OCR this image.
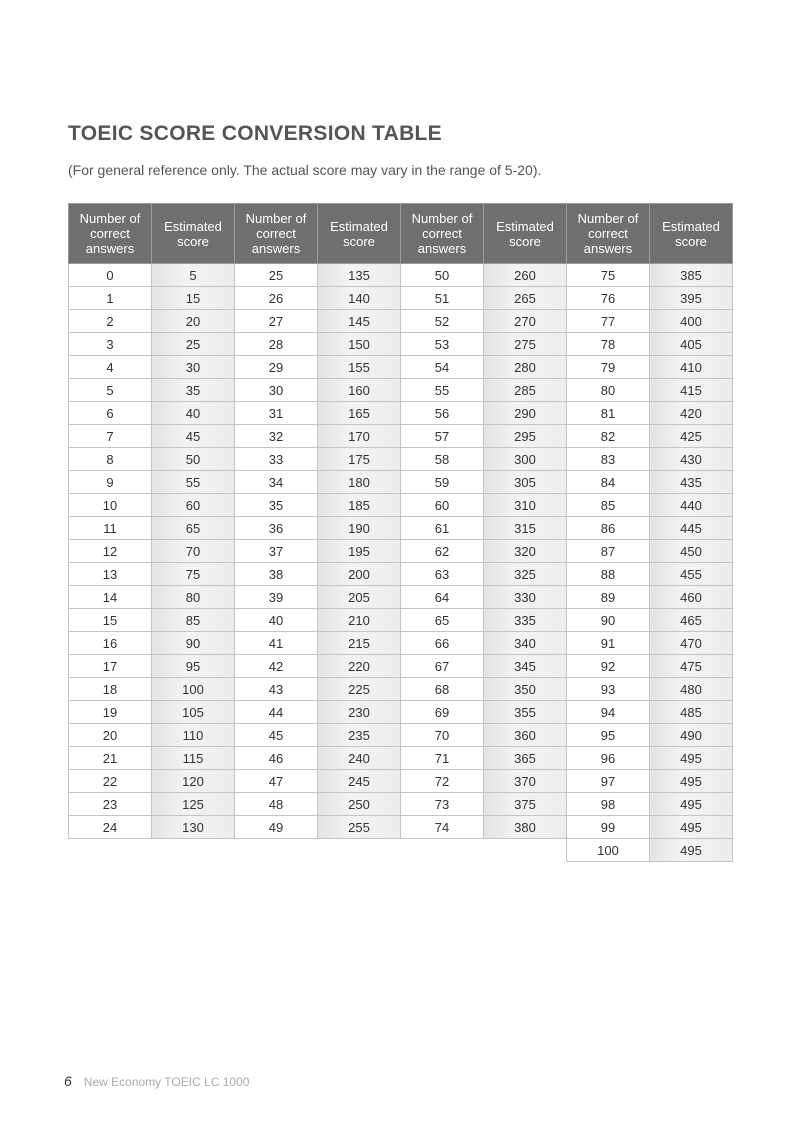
TOEIC SCORE CONVERSION TABLE
(For general reference only. The actual score may vary in the range of 5-20).
Number of correct answers	Estimated score	Number of correct answers	Estimated score	Number of correct answers	Estimated score	Number of correct answers	Estimated score
0	5	25	135	50	260	75	385
1	15	26	140	51	265	76	395
2	20	27	145	52	270	77	400
3	25	28	150	53	275	78	405
4	30	29	155	54	280	79	410
5	35	30	160	55	285	80	415
6	40	31	165	56	290	81	420
7	45	32	170	57	295	82	425
8	50	33	175	58	300	83	430
9	55	34	180	59	305	84	435
10	60	35	185	60	310	85	440
11	65	36	190	61	315	86	445
12	70	37	195	62	320	87	450
13	75	38	200	63	325	88	455
14	80	39	205	64	330	89	460
15	85	40	210	65	335	90	465
16	90	41	215	66	340	91	470
17	95	42	220	67	345	92	475
18	100	43	225	68	350	93	480
19	105	44	230	69	355	94	485
20	110	45	235	70	360	95	490
21	115	46	240	71	365	96	495
22	120	47	245	72	370	97	495
23	125	48	250	73	375	98	495
24	130	49	255	74	380	99	495
						100	495
6 New Economy TOEIC LC 1000
